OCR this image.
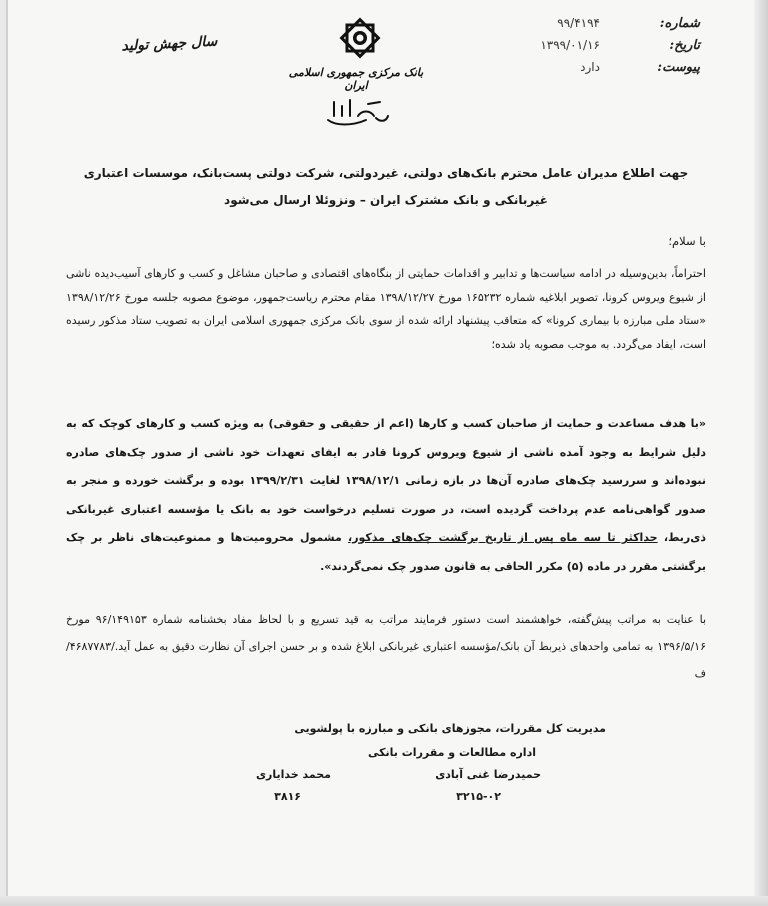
شماره:
۹۹/۴۱۹۴
تاریخ:
۱۳۹۹/۰۱/۱۶
پیوست:
دارد
بانک مرکزی جمهوری اسلامی ایران
سال جهش تولید
جهت اطلاع مدیران عامل محترم بانک‌های دولتی، غیردولتی، شرکت دولتی پست‌بانک، موسسات اعتباری
غیربانکی و بانک مشترک ایران – ونزوئلا ارسال می‌شود
با سلام؛
احتراماً، بدین‌وسیله در ادامه سیاست‌ها و تدابیر و اقدامات حمایتی از بنگاه‌های اقتصادی و صاحبان مشاغل و کسب و کارهای آسیب‌دیده ناشی از شیوع ویروس کرونا، تصویر ابلاغیه شماره ۱۶۵۲۳۲ مورخ ۱۳۹۸/۱۲/۲۷ مقام محترم ریاست‌جمهور، موضوع مصوبه جلسه مورخ ۱۳۹۸/۱۲/۲۶ «ستاد ملی مبارزه با بیماری کرونا» که متعاقب پیشنهاد ارائه شده از سوی بانک مرکزی جمهوری اسلامی ایران به تصویب ستاد مذکور رسیده است، ایفاد می‌گردد. به موجب مصوبه یاد شده؛
«با هدف مساعدت و حمایت از صاحبان کسب و کارها (اعم از حقیقی و حقوقی) به ویژه کسب و کارهای کوچک که به دلیل شرایط به وجود آمده ناشی از شیوع ویروس کرونا قادر به ایفای تعهدات خود ناشی از صدور چک‌های صادره نبوده‌اند و سررسید چک‌های صادره آن‌ها در بازه زمانی ۱۳۹۸/۱۲/۱ لغایت ۱۳۹۹/۲/۳۱ بوده و برگشت خورده و منجر به صدور گواهی‌نامه عدم پرداخت گردیده است، در صورت تسلیم درخواست خود به بانک یا مؤسسه اعتباری غیربانکی ذی‌ربط، حداکثر تا سه ماه پس از تاریخ برگشت چک‌های مذکور، مشمول محرومیت‌ها و ممنوعیت‌های ناظر بر چک برگشتی مقرر در ماده (۵) مکرر الحاقی به قانون صدور چک نمی‌گردند».
با عنایت به مراتب پیش‌گفته، خواهشمند است دستور فرمایند مراتب به قید تسریع و با لحاظ مفاد بخشنامه شماره ۹۶/۱۴۹۱۵۳ مورخ ۱۳۹۶/۵/۱۶ به تمامی واحدهای ذیربط آن بانک/مؤسسه اعتباری غیربانکی ابلاغ شده و بر حسن اجرای آن نظارت دقیق به عمل آید./۴۶۸۷۷۸۳/ف
مدیریت کل مقررات، مجوزهای بانکی و مبارزه با پولشویی
اداره مطالعات و مقررات بانکی
حمیدرضا غنی آبادی
۳۲۱۵-۰۲
محمد خدایاری
۳۸۱۶
